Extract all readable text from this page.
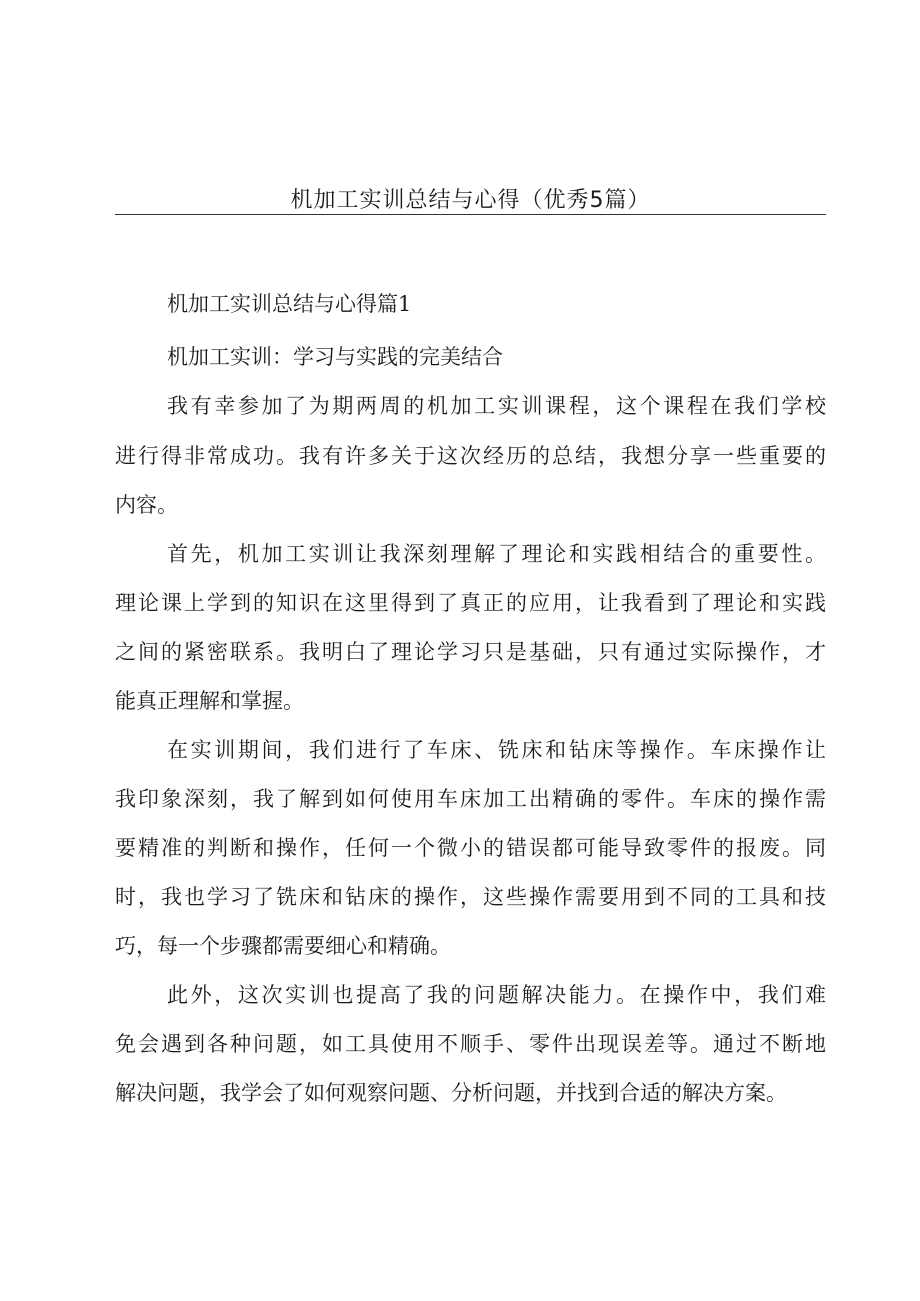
机加工实训总结与心得（优秀5篇）

机加工实训总结与心得篇1

机加工实训：学习与实践的完美结合

我有幸参加了为期两周的机加工实训课程，这个课程在我们学校

进行得非常成功。我有许多关于这次经历的总结，我想分享一些重要的

内容。

首先，机加工实训让我深刻理解了理论和实践相结合的重要性。

理论课上学到的知识在这里得到了真正的应用，让我看到了理论和实践

之间的紧密联系。我明白了理论学习只是基础，只有通过实际操作，才

能真正理解和掌握。

在实训期间，我们进行了车床、铣床和钻床等操作。车床操作让

我印象深刻，我了解到如何使用车床加工出精确的零件。车床的操作需

要精准的判断和操作，任何一个微小的错误都可能导致零件的报废。同

时，我也学习了铣床和钻床的操作，这些操作需要用到不同的工具和技

巧，每一个步骤都需要细心和精确。

此外，这次实训也提高了我的问题解决能力。在操作中，我们难

免会遇到各种问题，如工具使用不顺手、零件出现误差等。通过不断地

解决问题，我学会了如何观察问题、分析问题，并找到合适的解决方案。
